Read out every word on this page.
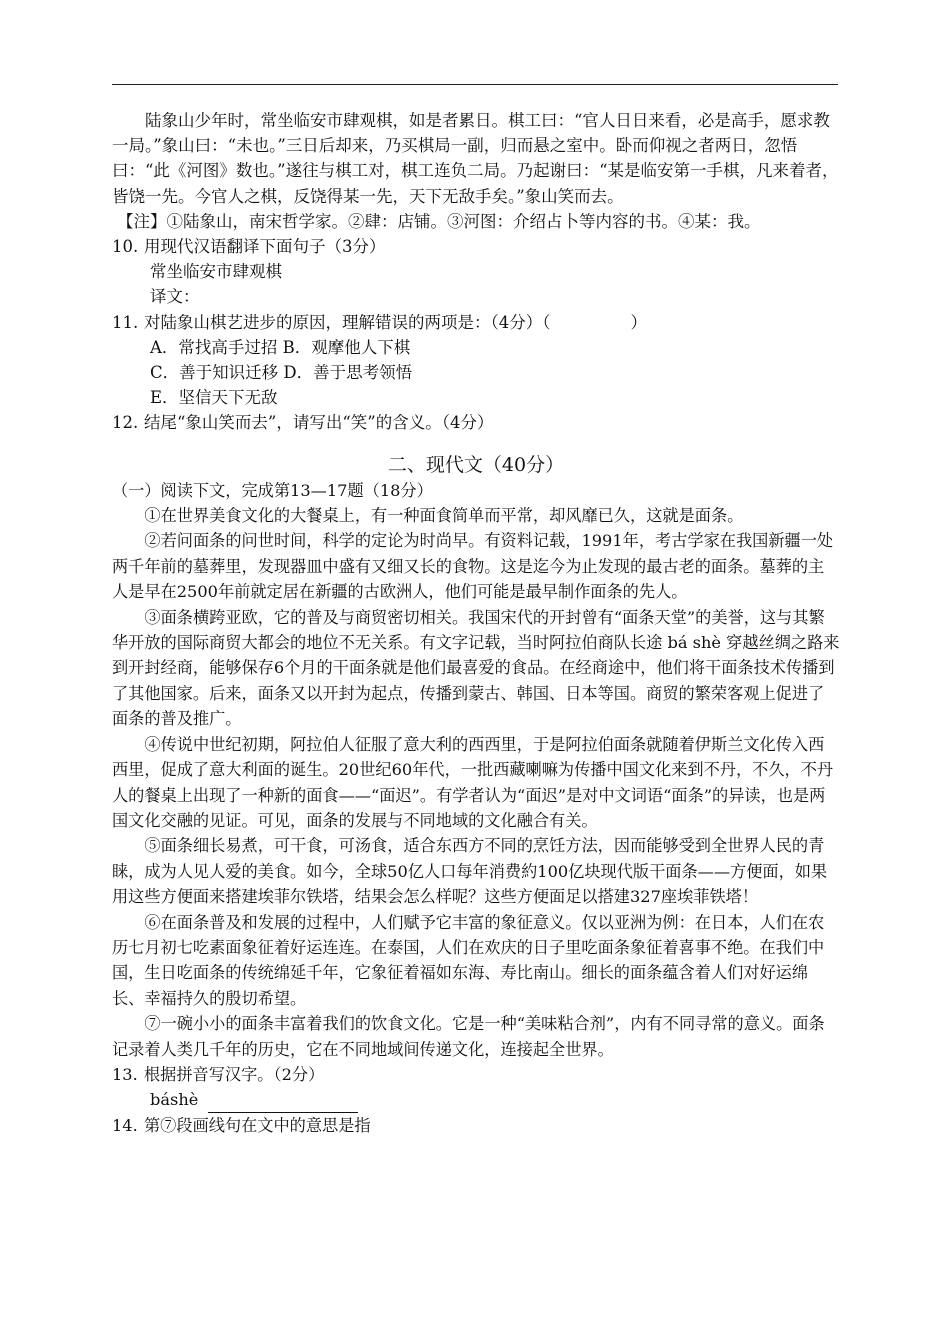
陆象山少年时，常坐临安市肆观棋，如是者累日。棋工曰：“官人日日来看，必是高手，愿求教一局。”象山曰：“未也。”三日后却来，乃买棋局一副，归而悬之室中。卧而仰视之者两日，忽悟曰：“此《河图》数也。”遂往与棋工对，棋工连负二局。乃起谢曰：“某是临安第一手棋，凡来着者，皆饶一先。今官人之棋，反饶得某一先，天下无敌手矣。”象山笑而去。

【注】①陆象山，南宋哲学家。②肆：店铺。③河图：介绍占卜等内容的书。④某：我。

10. 用现代汉语翻译下面句子（3分）

常坐临安市肆观棋

译文：

11. 对陆象山棋艺进步的原因，理解错误的两项是：（4分）（	）

A．常找高手过招 B．观摩他人下棋

C．善于知识迁移 D．善于思考领悟

E．坚信天下无敌

12. 结尾“象山笑而去”，请写出“笑”的含义。（4分）

二、现代文（40分）

（一）阅读下文，完成第13—17题（18分）

①在世界美食文化的大餐桌上，有一种面食简单而平常，却风靡已久，这就是面条。

②若问面条的问世时间，科学的定论为时尚早。有资料记载，1991年，考古学家在我国新疆一处两千年前的墓葬里，发现器皿中盛有又细又长的食物。这是迄今为止发现的最古老的面条。墓葬的主人是早在2500年前就定居在新疆的古欧洲人，他们可能是最早制作面条的先人。

③面条横跨亚欧，它的普及与商贸密切相关。我国宋代的开封曾有“面条天堂”的美誉，这与其繁华开放的国际商贸大都会的地位不无关系。有文字记载，当时阿拉伯商队长途 bá shè 穿越丝绸之路来到开封经商，能够保存6个月的干面条就是他们最喜爱的食品。在经商途中，他们将干面条技术传播到了其他国家。后来，面条又以开封为起点，传播到蒙古、韩国、日本等国。商贸的繁荣客观上促进了面条的普及推广。

④传说中世纪初期，阿拉伯人征服了意大利的西西里，于是阿拉伯面条就随着伊斯兰文化传入西西里，促成了意大利面的诞生。20世纪60年代，一批西藏喇嘛为传播中国文化来到不丹，不久，不丹人的餐桌上出现了一种新的面食——“面迟”。有学者认为“面迟”是对中文词语“面条”的异读，也是两国文化交融的见证。可见，面条的发展与不同地域的文化融合有关。

⑤面条细长易煮，可干食，可汤食，适合东西方不同的烹饪方法，因而能够受到全世界人民的青睐，成为人见人爱的美食。如今，全球50亿人口每年消费約100亿块现代版干面条——方便面，如果用这些方便面来搭建埃菲尔铁塔，结果会怎么样呢？这些方便面足以搭建327座埃菲铁塔！

⑥在面条普及和发展的过程中，人们赋予它丰富的象征意义。仅以亚洲为例：在日本，人们在农历七月初七吃素面象征着好运连连。在泰国，人们在欢庆的日子里吃面条象征着喜事不绝。在我们中国，生日吃面条的传统绵延千年，它象征着福如东海、寿比南山。细长的面条蕴含着人们对好运绵长、幸福持久的殷切希望。

⑦一碗小小的面条丰富着我们的饮食文化。它是一种“美味粘合剂”，内有不同寻常的意义。面条记录着人类几千年的历史，它在不同地域间传递文化，连接起全世界。

13. 根据拼音写汉字。（2分）

báshè

14. 第⑦段画线句在文中的意思是指
